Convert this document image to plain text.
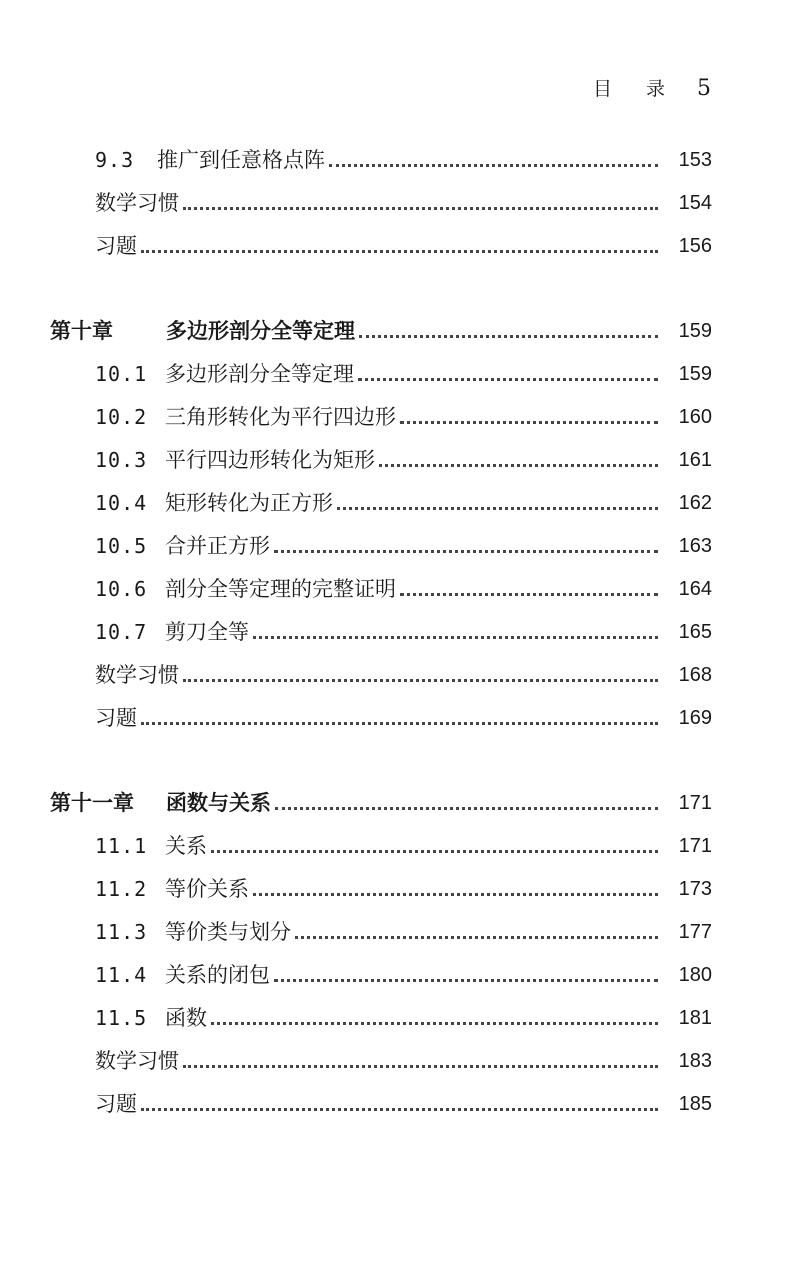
目 录 5
9.3	推广到任意格点阵	153
数学习惯	154
习题	156
第十章	多边形剖分全等定理	159
10.1 多边形剖分全等定理	159
10.2 三角形转化为平行四边形	160
10.3 平行四边形转化为矩形	161
10.4 矩形转化为正方形	162
10.5 合并正方形	163
10.6 剖分全等定理的完整证明	164
10.7 剪刀全等	165
数学习惯	168
习题	169
第十一章	函数与关系	171
11.1 关系	171
11.2 等价关系	173
11.3 等价类与划分	177
11.4 关系的闭包	180
11.5 函数	181
数学习惯	183
习题	185
